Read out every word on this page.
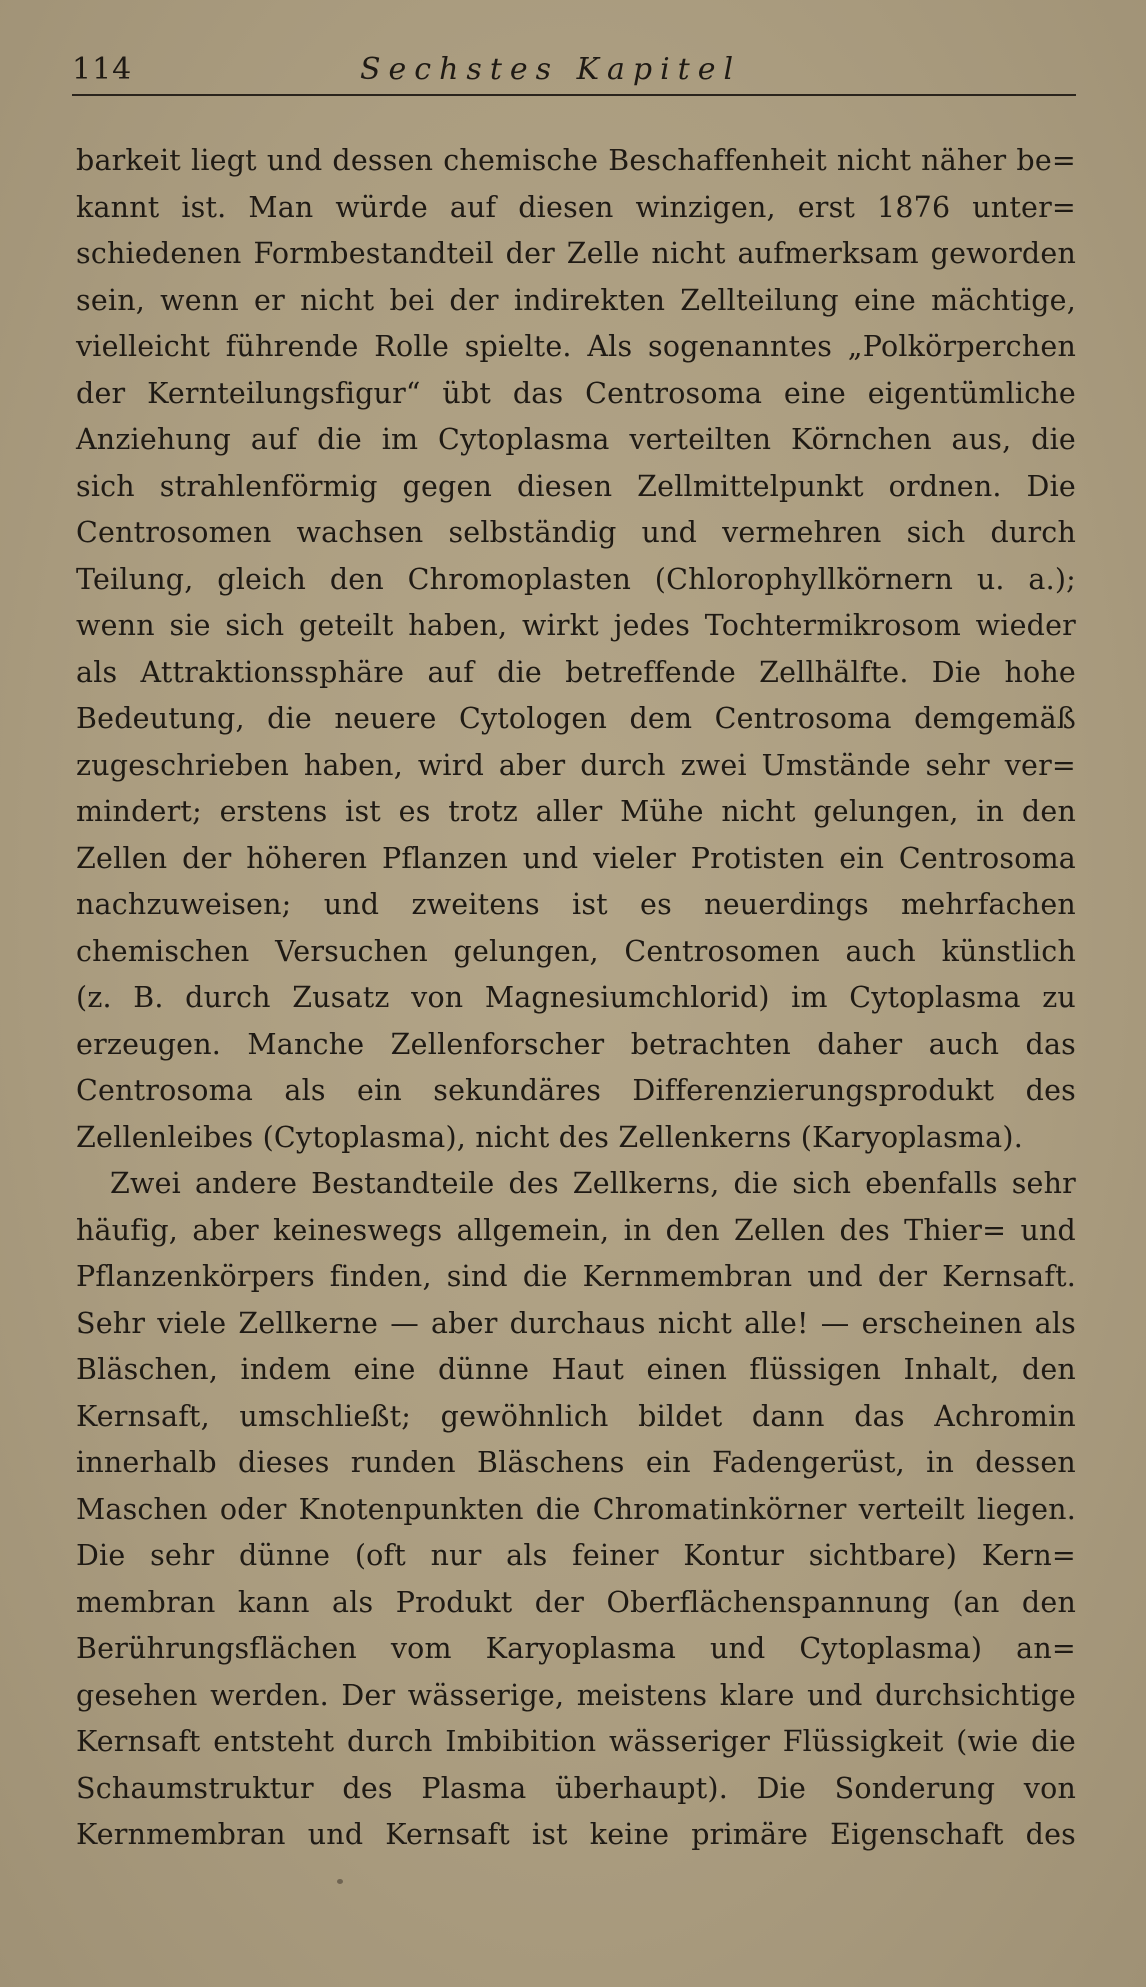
114	Sechstes Kapitel
barkeit liegt und dessen chemische Beschaffenheit nicht näher be=
kannt ist. Man würde auf diesen winzigen, erst 1876 unter=
schiedenen Formbestandteil der Zelle nicht aufmerksam geworden
sein, wenn er nicht bei der indirekten Zellteilung eine mächtige,
vielleicht führende Rolle spielte. Als sogenanntes „Polkörperchen
der Kernteilungsfigur“ übt das Centrosoma eine eigentümliche
Anziehung auf die im Cytoplasma verteilten Körnchen aus, die
sich strahlenförmig gegen diesen Zellmittelpunkt ordnen. Die
Centrosomen wachsen selbständig und vermehren sich durch
Teilung, gleich den Chromoplasten (Chlorophyllkörnern u. a.);
wenn sie sich geteilt haben, wirkt jedes Tochtermikrosom wieder
als Attraktionssphäre auf die betreffende Zellhälfte. Die hohe
Bedeutung, die neuere Cytologen dem Centrosoma demgemäß
zugeschrieben haben, wird aber durch zwei Umstände sehr ver=
mindert; erstens ist es trotz aller Mühe nicht gelungen, in den
Zellen der höheren Pflanzen und vieler Protisten ein Centrosoma
nachzuweisen; und zweitens ist es neuerdings mehrfachen
chemischen Versuchen gelungen, Centrosomen auch künstlich
(z. B. durch Zusatz von Magnesiumchlorid) im Cytoplasma zu
erzeugen. Manche Zellenforscher betrachten daher auch das
Centrosoma als ein sekundäres Differenzierungsprodukt des
Zellenleibes (Cytoplasma), nicht des Zellenkerns (Karyoplasma).
Zwei andere Bestandteile des Zellkerns, die sich ebenfalls sehr
häufig, aber keineswegs allgemein, in den Zellen des Thier= und
Pflanzenkörpers finden, sind die Kernmembran und der Kernsaft.
Sehr viele Zellkerne — aber durchaus nicht alle! — erscheinen als
Bläschen, indem eine dünne Haut einen flüssigen Inhalt, den
Kernsaft, umschließt; gewöhnlich bildet dann das Achromin
innerhalb dieses runden Bläschens ein Fadengerüst, in dessen
Maschen oder Knotenpunkten die Chromatinkörner verteilt liegen.
Die sehr dünne (oft nur als feiner Kontur sichtbare) Kern=
membran kann als Produkt der Oberflächenspannung (an den
Berührungsflächen vom Karyoplasma und Cytoplasma) an=
gesehen werden. Der wässerige, meistens klare und durchsichtige
Kernsaft entsteht durch Imbibition wässeriger Flüssigkeit (wie die
Schaumstruktur des Plasma überhaupt). Die Sonderung von
Kernmembran und Kernsaft ist keine primäre Eigenschaft des
